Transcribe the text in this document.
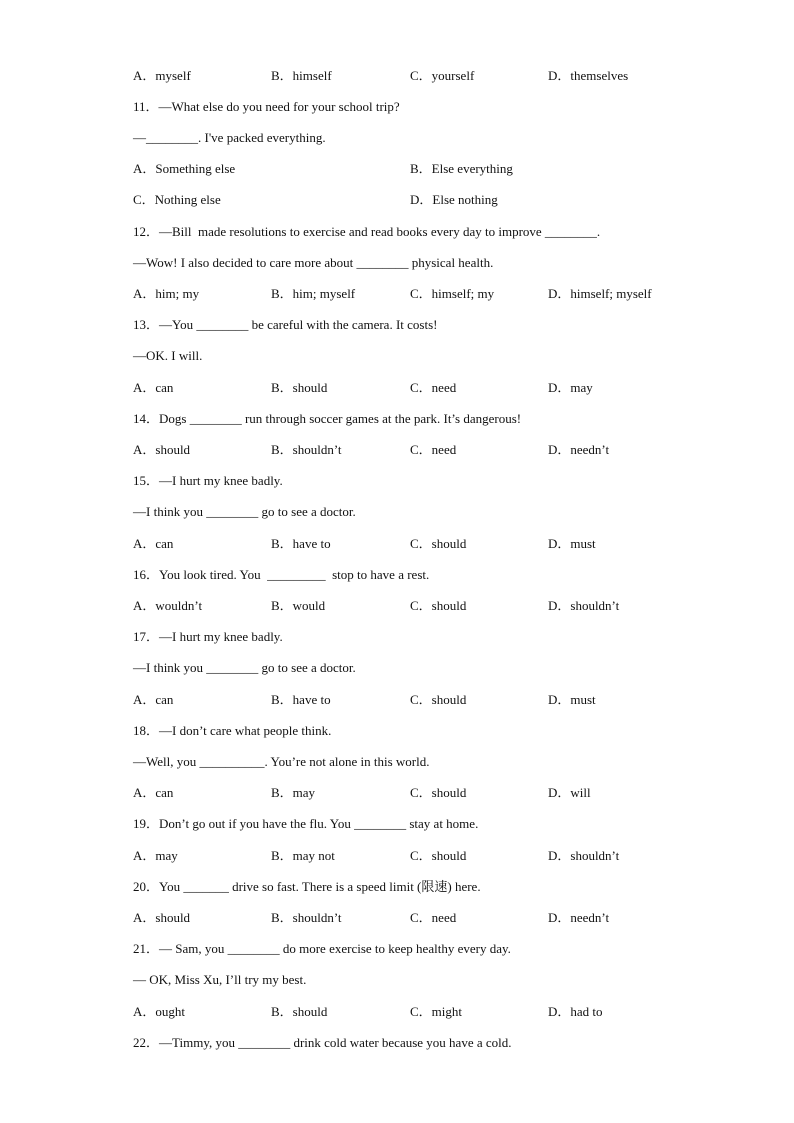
A．myself	B．himself	C．yourself	D．themselves
11．—What else do you need for your school trip?
—________. I've packed everything.
A．Something else	B．Else everything
C．Nothing else	D．Else nothing
12．—Bill  made resolutions to exercise and read books every day to improve ________.
—Wow! I also decided to care more about ________ physical health.
A．him; my	B．him; myself	C．himself; my	D．himself; myself
13．—You ________ be careful with the camera. It costs!
—OK. I will.
A．can	B．should	C．need	D．may
14．Dogs ________ run through soccer games at the park. It’s dangerous!
A．should	B．shouldn’t	C．need	D．needn’t
15．—I hurt my knee badly.
—I think you ________ go to see a doctor.
A．can	B．have to	C．should	D．must
16．You look tired. You  _________  stop to have a rest.
A．wouldn’t	B．would	C．should	D．shouldn’t
17．—I hurt my knee badly.
—I think you ________ go to see a doctor.
A．can	B．have to	C．should	D．must
18．—I don’t care what people think.
—Well, you __________. You’re not alone in this world.
A．can	B．may	C．should	D．will
19．Don’t go out if you have the flu. You ________ stay at home.
A．may	B．may not	C．should	D．shouldn’t
20．You _______ drive so fast. There is a speed limit (限速) here.
A．should	B．shouldn’t	C．need	D．needn’t
21．— Sam, you ________ do more exercise to keep healthy every day.
— OK, Miss Xu, I’ll try my best.
A．ought	B．should	C．might	D．had to
22．—Timmy, you ________ drink cold water because you have a cold.
